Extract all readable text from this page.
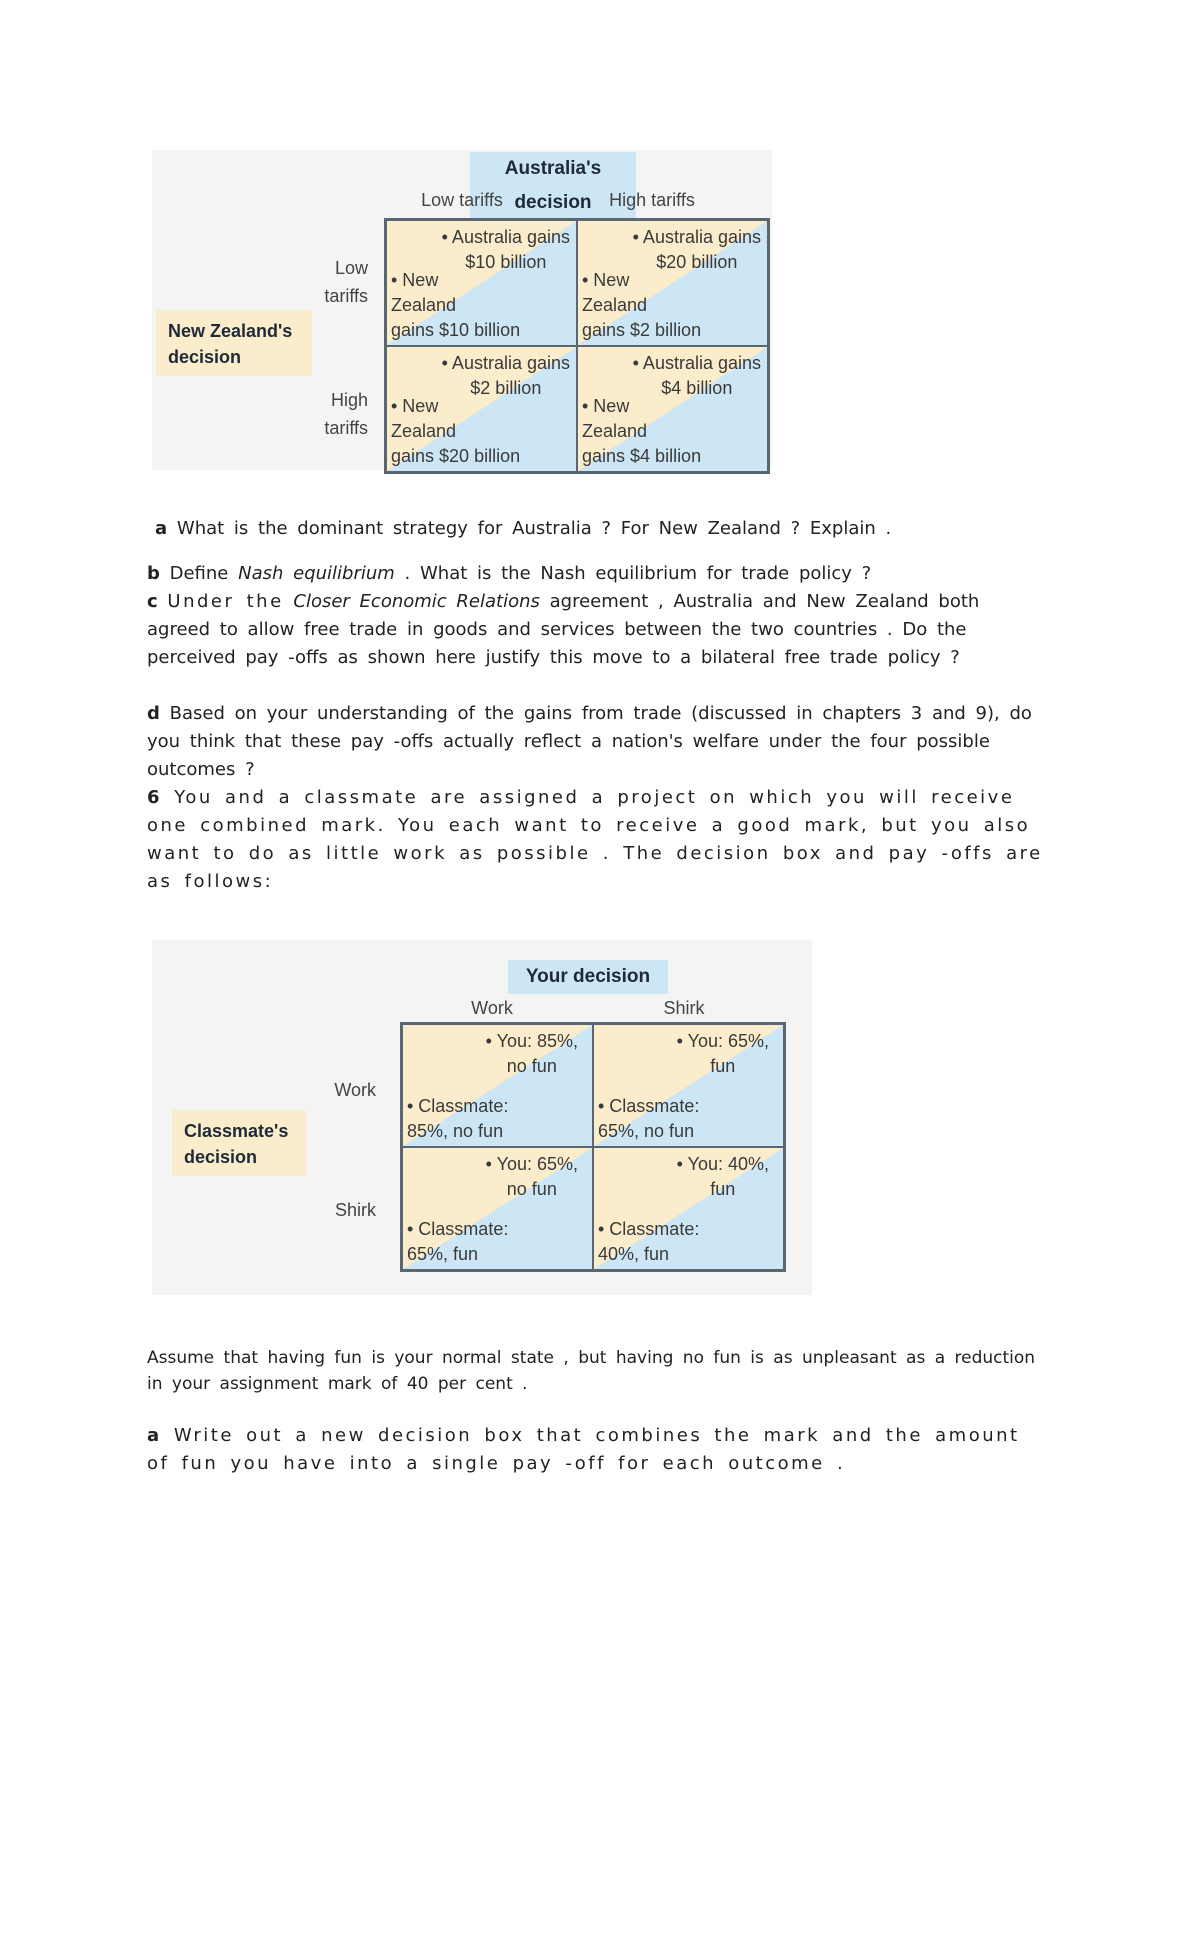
Australia's decision
Low tariffs	High tariffs
Low
tariffs
High
tariffs
New Zealand's
decision
• Australia gains
$10 billion
• New
Zealand
gains $10 billion
• Australia gains
$20 billion
• New
Zealand
gains $2 billion
• Australia gains
$2 billion
• New
Zealand
gains $20 billion
• Australia gains
$4 billion
• New
Zealand
gains $4 billion

a What is the dominant strategy for Australia ? For New Zealand ? Explain .

b Define Nash equilibrium . What is the Nash equilibrium for trade policy ?

c Under the Closer Economic Relations agreement , Australia and New Zealand both agreed to allow free trade in goods and services between the two countries . Do the perceived pay -offs as shown here justify this move to a bilateral free trade policy ?

d Based on your understanding of the gains from trade (discussed in chapters 3 and 9), do you think that these pay -offs actually reflect a nation's welfare under the four possible outcomes ?

6 You and a classmate are assigned a project on which you will receive one combined mark. You each want to receive a good mark, but you also want to do as little work as possible . The decision box and pay -offs are as follows:

Your decision
Work	Shirk
Work
Shirk
Classmate's
decision
• You: 85%,
no fun
• Classmate:
85%, no fun
• You: 65%,
fun
• Classmate:
65%, no fun
• You: 65%,
no fun
• Classmate:
65%, fun
• You: 40%,
fun
• Classmate:
40%, fun

Assume that having fun is your normal state , but having no fun is as unpleasant as a reduction in your assignment mark of 40 per cent .

a Write out a new decision box that combines the mark and the amount of fun you have into a single pay -off for each outcome .
